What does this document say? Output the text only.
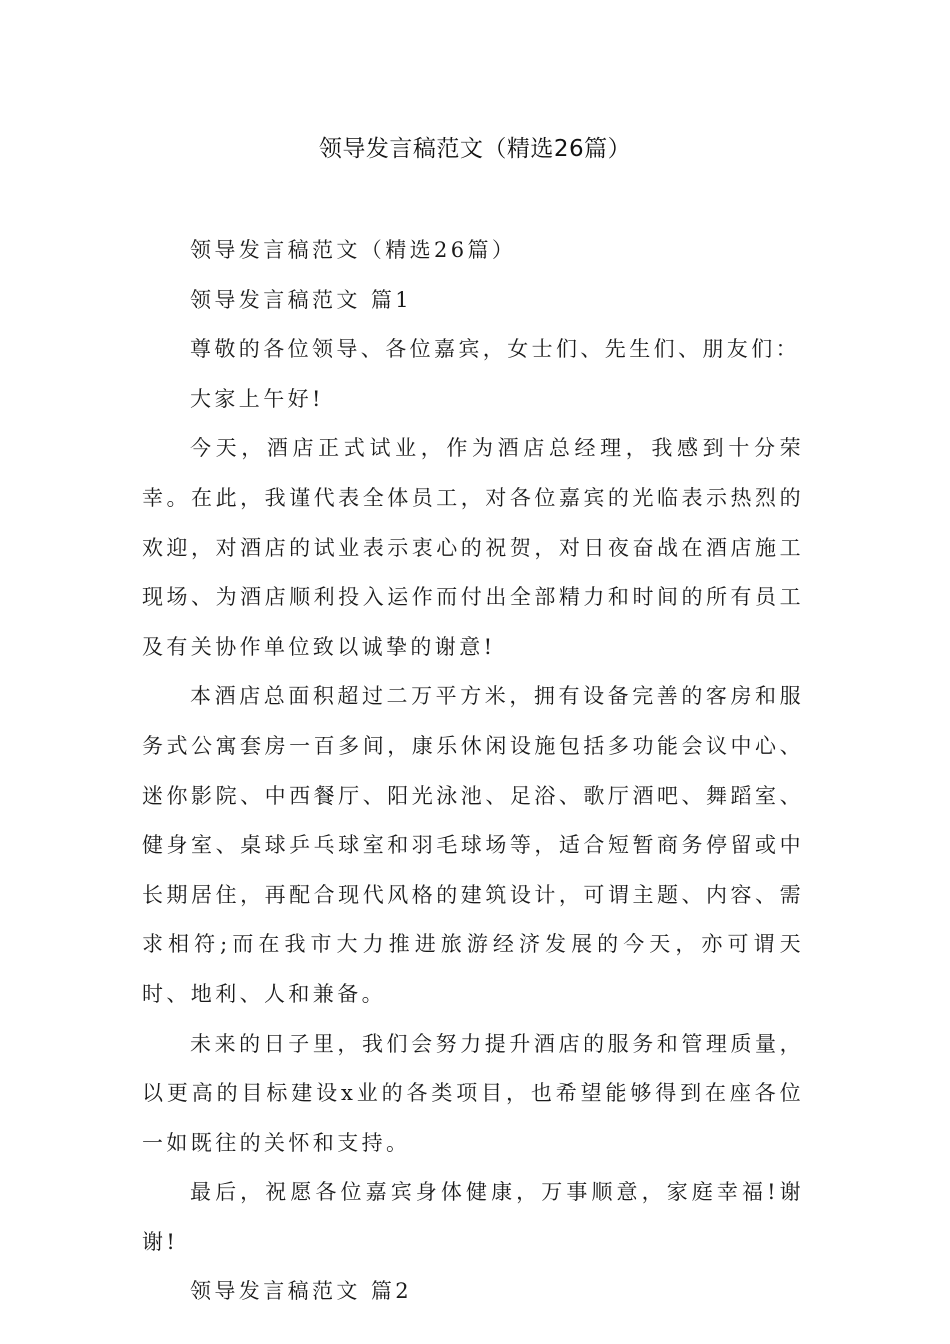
领导发言稿范文（精选26篇）

领导发言稿范文（精选26篇）

领导发言稿范文 篇1

尊敬的各位领导、各位嘉宾，女士们、先生们、朋友们：

大家上午好!

今天，酒店正式试业，作为酒店总经理，我感到十分荣幸。在此，我谨代表全体员工，对各位嘉宾的光临表示热烈的欢迎，对酒店的试业表示衷心的祝贺，对日夜奋战在酒店施工现场、为酒店顺利投入运作而付出全部精力和时间的所有员工及有关协作单位致以诚挚的谢意!

本酒店总面积超过二万平方米，拥有设备完善的客房和服务式公寓套房一百多间，康乐休闲设施包括多功能会议中心、迷你影院、中西餐厅、阳光泳池、足浴、歌厅酒吧、舞蹈室、健身室、桌球乒乓球室和羽毛球场等，适合短暂商务停留或中长期居住，再配合现代风格的建筑设计，可谓主题、内容、需求相符;而在我市大力推进旅游经济发展的今天，亦可谓天时、地利、人和兼备。

未来的日子里，我们会努力提升酒店的服务和管理质量，以更高的目标建设x业的各类项目，也希望能够得到在座各位一如既往的关怀和支持。

最后，祝愿各位嘉宾身体健康，万事顺意，家庭幸福!谢谢!

领导发言稿范文 篇2
